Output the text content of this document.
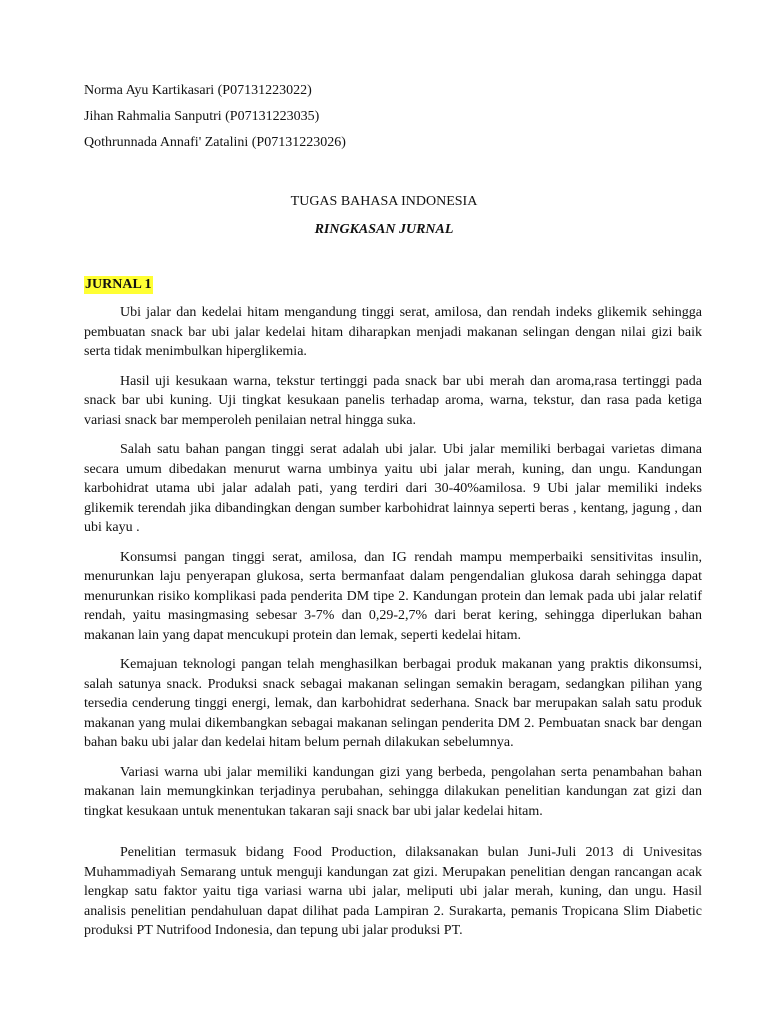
Norma Ayu Kartikasari (P07131223022)
Jihan Rahmalia Sanputri (P07131223035)
Qothrunnada Annafi' Zatalini (P07131223026)
TUGAS BAHASA INDONESIA
RINGKASAN JURNAL
JURNAL 1

Ubi jalar dan kedelai hitam mengandung tinggi serat, amilosa, dan rendah indeks glikemik sehingga pembuatan snack bar ubi jalar kedelai hitam diharapkan menjadi makanan selingan dengan nilai gizi baik serta tidak menimbulkan hiperglikemia.

Hasil uji kesukaan warna, tekstur tertinggi pada snack bar ubi merah dan aroma,rasa tertinggi pada snack bar ubi kuning. Uji tingkat kesukaan panelis terhadap aroma, warna, tekstur, dan rasa pada ketiga variasi snack bar memperoleh penilaian netral hingga suka.

Salah satu bahan pangan tinggi serat adalah ubi jalar. Ubi jalar memiliki berbagai varietas dimana secara umum dibedakan menurut warna umbinya yaitu ubi jalar merah, kuning, dan ungu. Kandungan karbohidrat utama ubi jalar adalah pati, yang terdiri dari 30-40%amilosa. 9 Ubi jalar memiliki indeks glikemik terendah jika dibandingkan dengan sumber karbohidrat lainnya seperti beras , kentang, jagung , dan ubi kayu .

Konsumsi pangan tinggi serat, amilosa, dan IG rendah mampu memperbaiki sensitivitas insulin, menurunkan laju penyerapan glukosa, serta bermanfaat dalam pengendalian glukosa darah sehingga dapat menurunkan risiko komplikasi pada penderita DM tipe 2. Kandungan protein dan lemak pada ubi jalar relatif rendah, yaitu masingmasing sebesar 3-7% dan 0,29-2,7% dari berat kering, sehingga diperlukan bahan makanan lain yang dapat mencukupi protein dan lemak, seperti kedelai hitam.

Kemajuan teknologi pangan telah menghasilkan berbagai produk makanan yang praktis dikonsumsi, salah satunya snack. Produksi snack sebagai makanan selingan semakin beragam, sedangkan pilihan yang tersedia cenderung tinggi energi, lemak, dan karbohidrat sederhana. Snack bar merupakan salah satu produk makanan yang mulai dikembangkan sebagai makanan selingan penderita DM 2. Pembuatan snack bar dengan bahan baku ubi jalar dan kedelai hitam belum pernah dilakukan sebelumnya.

Variasi warna ubi jalar memiliki kandungan gizi yang berbeda, pengolahan serta penambahan bahan makanan lain memungkinkan terjadinya perubahan, sehingga dilakukan penelitian kandungan zat gizi dan tingkat kesukaan untuk menentukan takaran saji snack bar ubi jalar kedelai hitam.

Penelitian termasuk bidang Food Production, dilaksanakan bulan Juni-Juli 2013 di Univesitas Muhammadiyah Semarang untuk menguji kandungan zat gizi. Merupakan penelitian dengan rancangan acak lengkap satu faktor yaitu tiga variasi warna ubi jalar, meliputi ubi jalar merah, kuning, dan ungu. Hasil analisis penelitian pendahuluan dapat dilihat pada Lampiran 2. Surakarta, pemanis Tropicana Slim Diabetic produksi PT Nutrifood Indonesia, dan tepung ubi jalar produksi PT.
